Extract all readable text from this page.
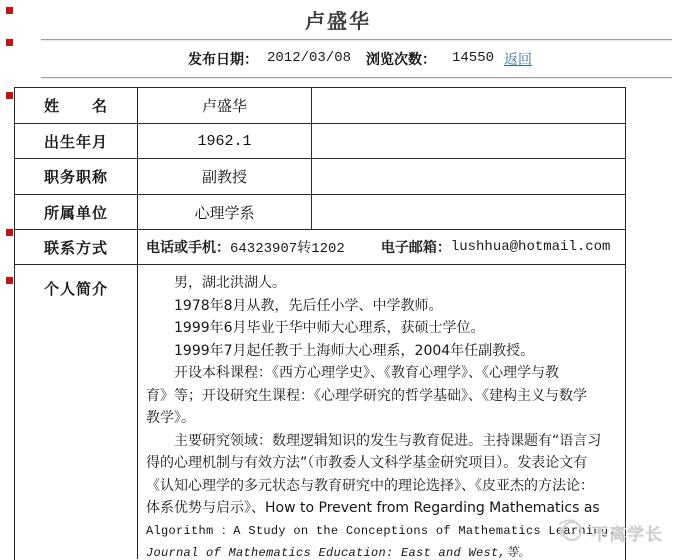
卢盛华
发布日期： 2012/03/08 浏览次数： 14550 返回
姓　　名	卢盛华
出生年月	1962.1
职务职称	副教授
所属单位	心理学系
联系方式	电话或手机： 64323907转1202	电子邮箱： lushhua@hotmail.com
个人简介	男，湖北洪湖人。
1978年8月从教，先后任小学、中学教师。
1999年6月毕业于华中师大心理系，获硕士学位。
1999年7月起任教于上海师大心理系，2004年任副教授。
开设本科课程：《西方心理学史》、《教育心理学》、《心理学与教
育》等；开设研究生课程：《心理学研究的哲学基础》、《建构主义与数学
教学》。
主要研究领域：数理逻辑知识的发生与教育促进。主持课题有“语言习
得的心理机制与有效方法”（市教委人文科学基金研究项目）。发表论文有
《认知心理学的多元状态与教育研究中的理论选择》、《皮亚杰的方法论：
体系优势与启示》、How to Prevent from Regarding Mathematics as
Algorithm ：A Study on the Conceptions of Mathematics Learning.
Journal of Mathematics Education: East and West,等。
不离学长
